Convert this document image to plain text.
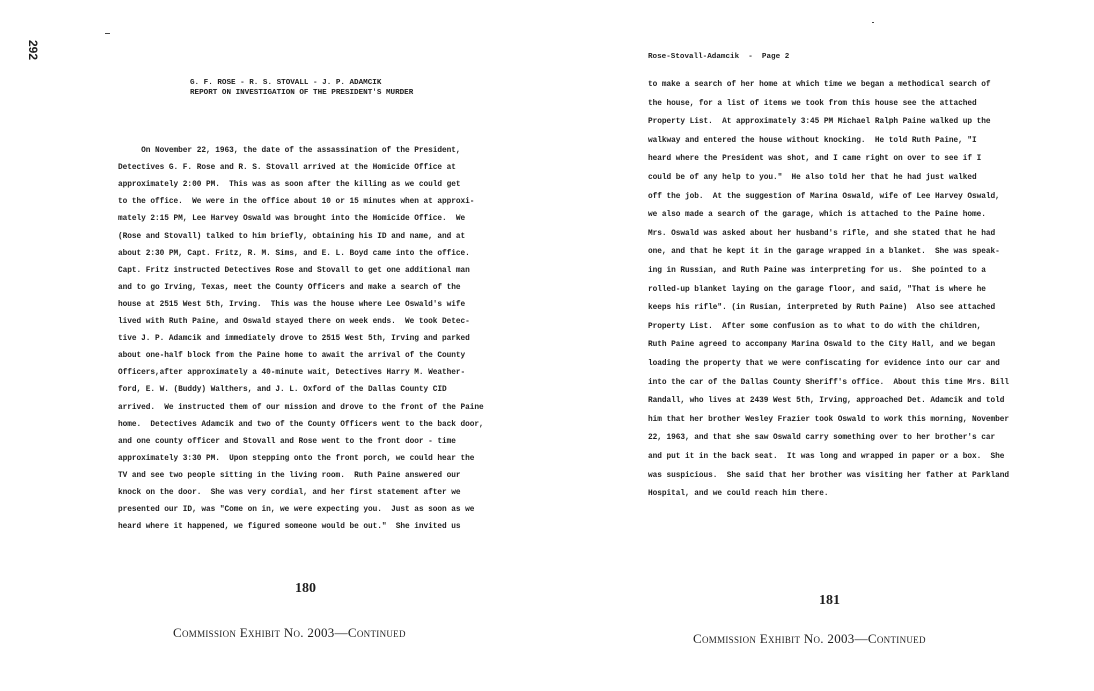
292
G. F. ROSE - R. S. STOVALL - J. P. ADAMCIK
REPORT ON INVESTIGATION OF THE PRESIDENT'S MURDER
On November 22, 1963, the date of the assassination of the President,
Detectives G. F. Rose and R. S. Stovall arrived at the Homicide Office at
approximately 2:00 PM.  This was as soon after the killing as we could get
to the office.  We were in the office about 10 or 15 minutes when at approxi-
mately 2:15 PM, Lee Harvey Oswald was brought into the Homicide Office.  We
(Rose and Stovall) talked to him briefly, obtaining his ID and name, and at
about 2:30 PM, Capt. Fritz, R. M. Sims, and E. L. Boyd came into the office.
Capt. Fritz instructed Detectives Rose and Stovall to get one additional man
and to go Irving, Texas, meet the County Officers and make a search of the
house at 2515 West 5th, Irving.  This was the house where Lee Oswald's wife
lived with Ruth Paine, and Oswald stayed there on week ends.  We took Detec-
tive J. P. Adamcik and immediately drove to 2515 West 5th, Irving and parked
about one-half block from the Paine home to await the arrival of the County
Officers,after approximately a 40-minute wait, Detectives Harry M. Weather-
ford, E. W. (Buddy) Walthers, and J. L. Oxford of the Dallas County CID
arrived.  We instructed them of our mission and drove to the front of the Paine
home.  Detectives Adamcik and two of the County Officers went to the back door,
and one county officer and Stovall and Rose went to the front door - time
approximately 3:30 PM.  Upon stepping onto the front porch, we could hear the
TV and see two people sitting in the living room.  Ruth Paine answered our
knock on the door.  She was very cordial, and her first statement after we
presented our ID, was "Come on in, we were expecting you.  Just as soon as we
heard where it happened, we figured someone would be out."  She invited us
180
Commission Exhibit No. 2003—Continued
Rose-Stovall-Adamcik  -  Page 2
to make a search of her home at which time we began a methodical search of
the house, for a list of items we took from this house see the attached
Property List.  At approximately 3:45 PM Michael Ralph Paine walked up the
walkway and entered the house without knocking.  He told Ruth Paine, "I
heard where the President was shot, and I came right on over to see if I
could be of any help to you."  He also told her that he had just walked
off the job.  At the suggestion of Marina Oswald, wife of Lee Harvey Oswald,
we also made a search of the garage, which is attached to the Paine home.
Mrs. Oswald was asked about her husband's rifle, and she stated that he had
one, and that he kept it in the garage wrapped in a blanket.  She was speak-
ing in Russian, and Ruth Paine was interpreting for us.  She pointed to a
rolled-up blanket laying on the garage floor, and said, "That is where he
keeps his rifle". (in Rusian, interpreted by Ruth Paine)  Also see attached
Property List.  After some confusion as to what to do with the children,
Ruth Paine agreed to accompany Marina Oswald to the City Hall, and we began
loading the property that we were confiscating for evidence into our car and
into the car of the Dallas County Sheriff's office.  About this time Mrs. Bill
Randall, who lives at 2439 West 5th, Irving, approached Det. Adamcik and told
him that her brother Wesley Frazier took Oswald to work this morning, November
22, 1963, and that she saw Oswald carry something over to her brother's car
and put it in the back seat.  It was long and wrapped in paper or a box.  She
was suspicious.  She said that her brother was visiting her father at Parkland
Hospital, and we could reach him there.
181
Commission Exhibit No. 2003—Continued
